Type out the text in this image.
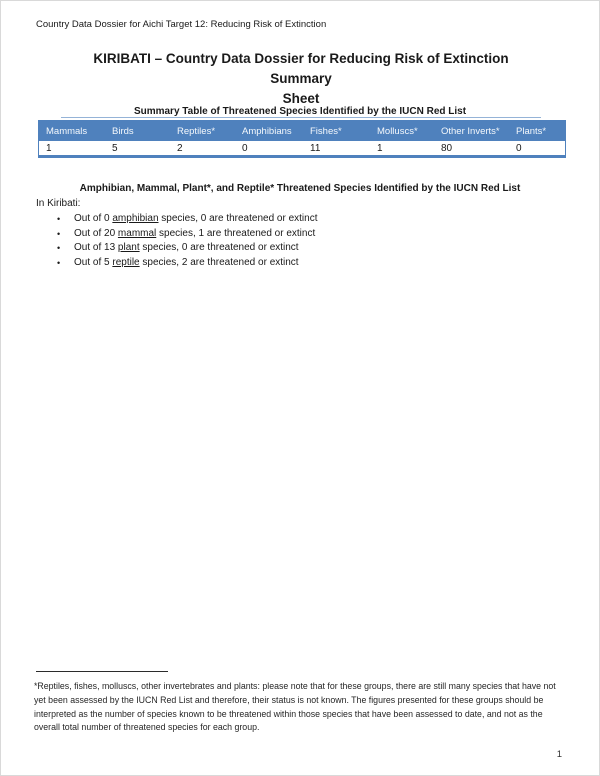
Country Data Dossier for Aichi Target 12: Reducing Risk of Extinction
KIRIBATI – Country Data Dossier for Reducing Risk of Extinction Summary
Sheet
Summary Table of Threatened Species Identified by the IUCN Red List
Mammals	Birds	Reptiles*	Amphibians	Fishes*	Molluscs*	Other Inverts*	Plants*
1	5	2	0	11	1	80	0
Amphibian, Mammal, Plant*, and Reptile* Threatened Species Identified by the IUCN Red List
In Kiribati:
• Out of 0 amphibian species, 0 are threatened or extinct
• Out of 20 mammal species, 1 are threatened or extinct
• Out of 13 plant species, 0 are threatened or extinct
• Out of 5 reptile species, 2 are threatened or extinct
*Reptiles, fishes, molluscs, other invertebrates and plants: please note that for these groups, there are still many species that have not yet been assessed by the IUCN Red List and therefore, their status is not known. The figures presented for these groups should be interpreted as the number of species known to be threatened within those species that have been assessed to date, and not as the overall total number of threatened species for each group.
1
